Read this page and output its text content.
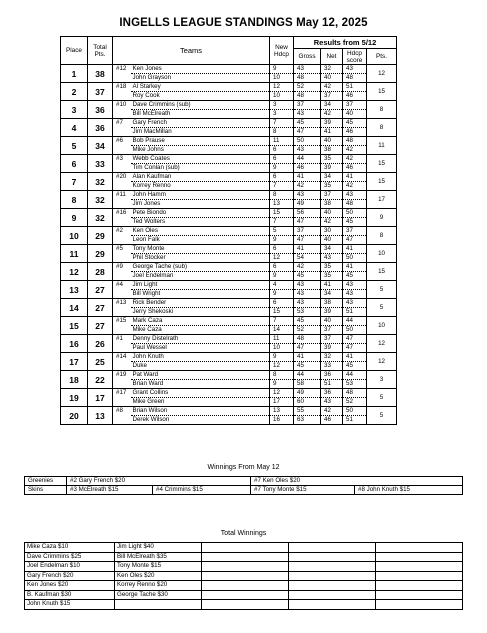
INGELLS LEAGUE STANDINGS May 12, 2025
Place	Total Pts.	Teams		New Hdcp	Results from 5/12			
					Gross	Net	Hdcp score	Pts.
1	38	#12	Ken Jones	9	43	32	43	12
			John Grayson	10	48	40	48	
2	37	#18	Al Starkey	12	52	42	51	15
			Roy Cook	10	48	37	46	
3	36	#10	Dave Crimmins (sub)	3	37	34	37	8
			Bill McElreath	3	43	42	40	
4	36	#7	Gary French	7	45	39	45	8
			Jim MacMillan	8	47	41	46	
5	34	#6	Bob Prause	11	50	40	48	11
			Mike Johns	6	43	38	42	
6	33	#3	Webb Coates	6	44	35	42	15
			Tim Conlan (sub)	9	46	39	46	
7	32	#20	Alan Kaufman	6	41	34	41	15
			Korrey Renno	7	42	35	42	
8	32	#11	John Hamm	8	43	37	43	17
			Jim Jones	13	49	38	48	
9	32	#16	Pete Biondo	15	56	40	50	9
			Ted Wolters	7	47	42	45	
10	29	#2	Ken Oles	5	37	30	37	8
			Leon Falk	9	47	40	47	
11	29	#5	Tony Monte	6	41	34	41	10
			Phil Stocker	12	54	43	50	
12	28	#9	George Tache (sub)	6	42	35	41	15
			Joel Endelman	9	45	35	45	
13	27	#4	Jim Light	4	43	41	43	5
			Bill Wright	9	43	34	43	
14	27	#13	Rick Bender	6	43	38	43	5
			Jerry Shekoski	15	53	39	51	
15	27	#15	Mark Caza	7	45	40	44	10
			Mike Caza	14	52	37	50	
16	26	#1	Denny Distelrath	11	48	37	47	12
			Paul Wessel	10	47	39	47	
17	25	#14	John Knuth	9	41	32	41	12
			Duke	12	45	33	45	
18	22	#19	Pat Ward	8	44	36	44	3
			Brian Ward	9	58	51	53	
19	17	#17	Grant Collins	12	49	36	48	5
			Mike Green	17	60	43	52	
20	13	#8	Brian Wilson	13	55	42	50	5
			Derek Wilson	16	63	46	51	
Winnings From May 12
Greenies	#2 Gary French $20		#7 Ken Oles $20	
Skins	#3 McElreath $15	#4 Crimmins $15	#7 Tony Monte $15	#8 John Knuth $15
Total Winnings
Mike Caza $10	Jim Light $40			
Dave Crimmins $25	Bill McElreath $35			
Joel Endelman $10	Tony Monte $15			
Gary French $20	Ken Oles $20			
Ken Jones $20	Korrey Renno $20			
B. Kaufman $30	George Tache $30			
John Knuth $15				
